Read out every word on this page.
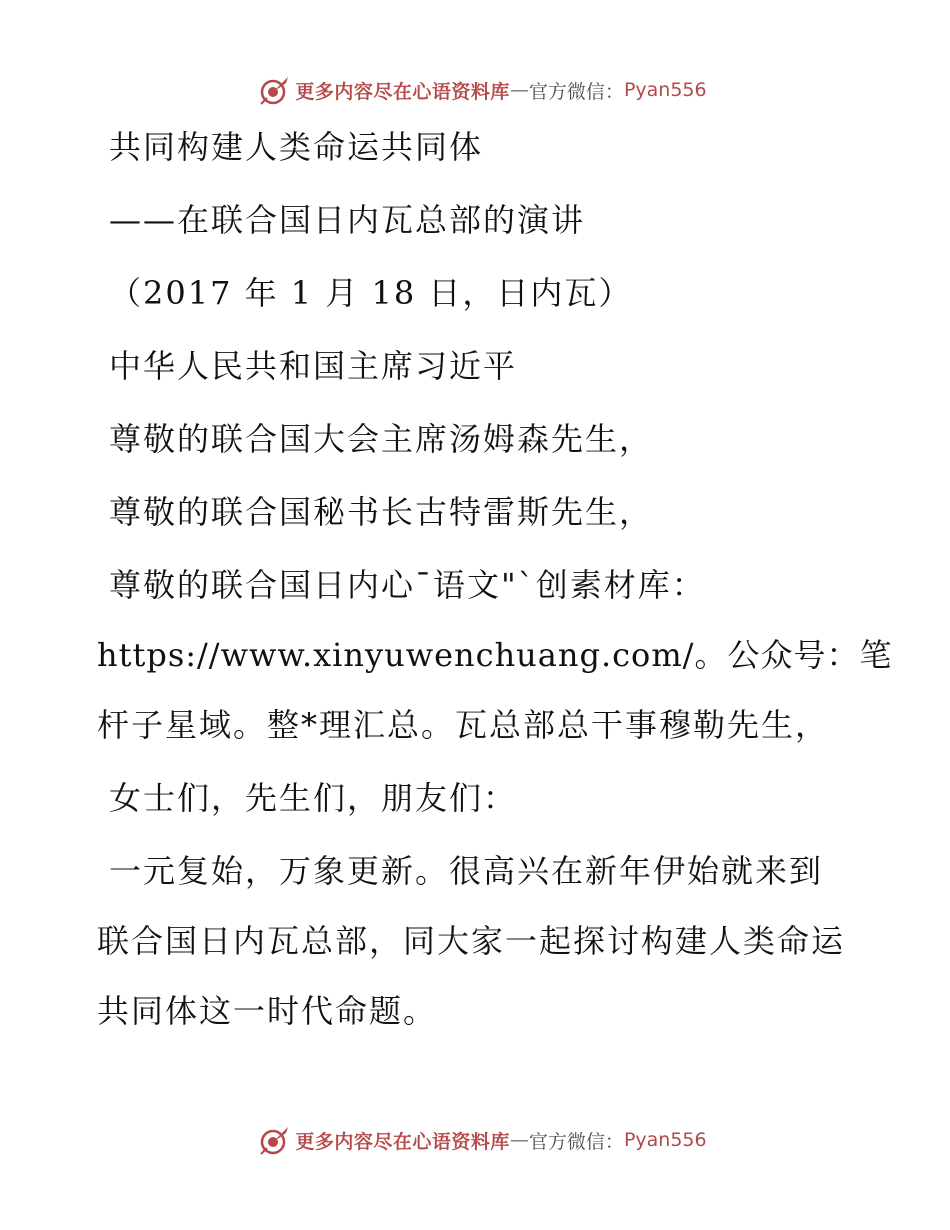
更多内容尽在心语资料库 — 官方微信： Pyan556
共同构建人类命运共同体
——在联合国日内瓦总部的演讲
（2017 年 1 月 18 日，日内瓦）
中华人民共和国主席习近平
尊敬的联合国大会主席汤姆森先生，
尊敬的联合国秘书长古特雷斯先生，
尊敬的联合国日内心¯语文"`创素材库：
https://www.xinyuwenchuang.com/。公众号：笔
杆子星域。整*理汇总。瓦总部总干事穆勒先生，
女士们，先生们，朋友们：
一元复始，万象更新。很高兴在新年伊始就来到
联合国日内瓦总部，同大家一起探讨构建人类命运
共同体这一时代命题。
更多内容尽在心语资料库 — 官方微信： Pyan556
